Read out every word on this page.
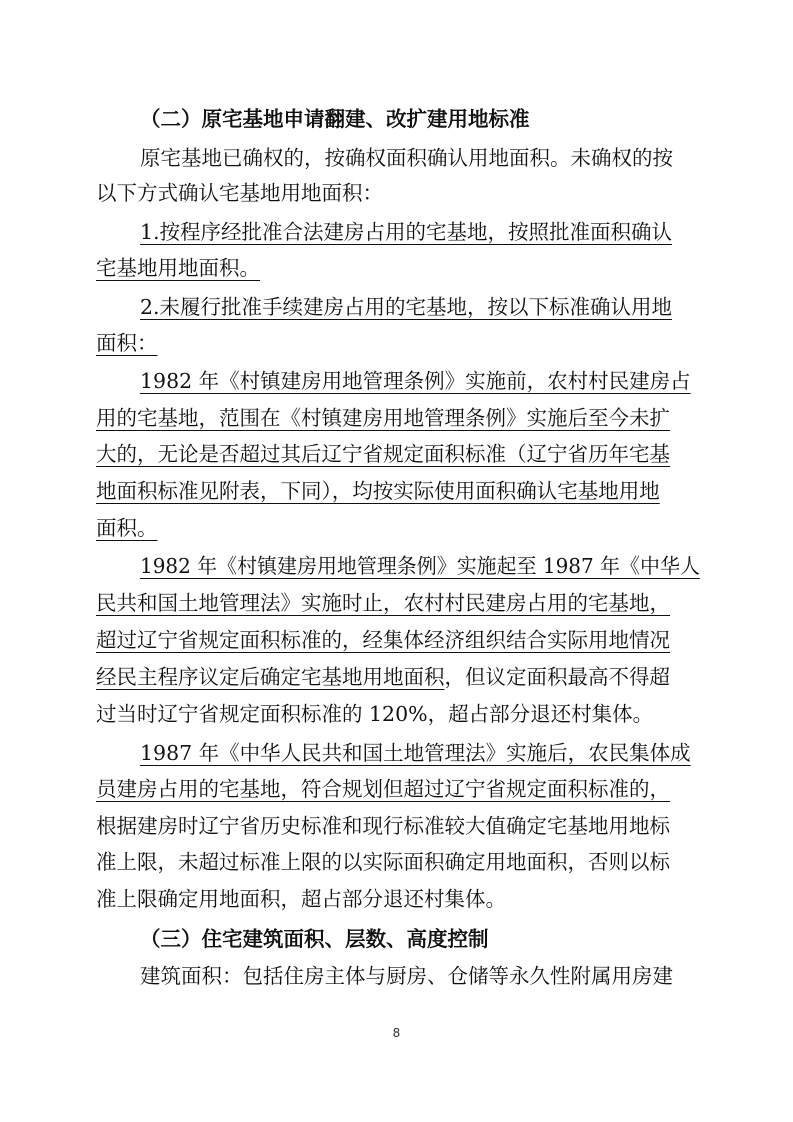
（二）原宅基地申请翻建、改扩建用地标准
原宅基地已确权的，按确权面积确认用地面积。未确权的按
以下方式确认宅基地用地面积：
1.按程序经批准合法建房占用的宅基地，按照批准面积确认
宅基地用地面积。
2.未履行批准手续建房占用的宅基地，按以下标准确认用地
面积：
1982 年《村镇建房用地管理条例》实施前，农村村民建房占
用的宅基地，范围在《村镇建房用地管理条例》实施后至今未扩
大的，无论是否超过其后辽宁省规定面积标准（辽宁省历年宅基
地面积标准见附表，下同），均按实际使用面积确认宅基地用地
面积。
1982 年《村镇建房用地管理条例》实施起至 1987 年《中华人
民共和国土地管理法》实施时止，农村村民建房占用的宅基地，
超过辽宁省规定面积标准的，经集体经济组织结合实际用地情况
经民主程序议定后确定宅基地用地面积，但议定面积最高不得超
过当时辽宁省规定面积标准的 120%，超占部分退还村集体。
1987 年《中华人民共和国土地管理法》实施后，农民集体成
员建房占用的宅基地，符合规划但超过辽宁省规定面积标准的，
根据建房时辽宁省历史标准和现行标准较大值确定宅基地用地标
准上限，未超过标准上限的以实际面积确定用地面积，否则以标
准上限确定用地面积，超占部分退还村集体。
（三）住宅建筑面积、层数、高度控制
建筑面积：包括住房主体与厨房、仓储等永久性附属用房建
8
